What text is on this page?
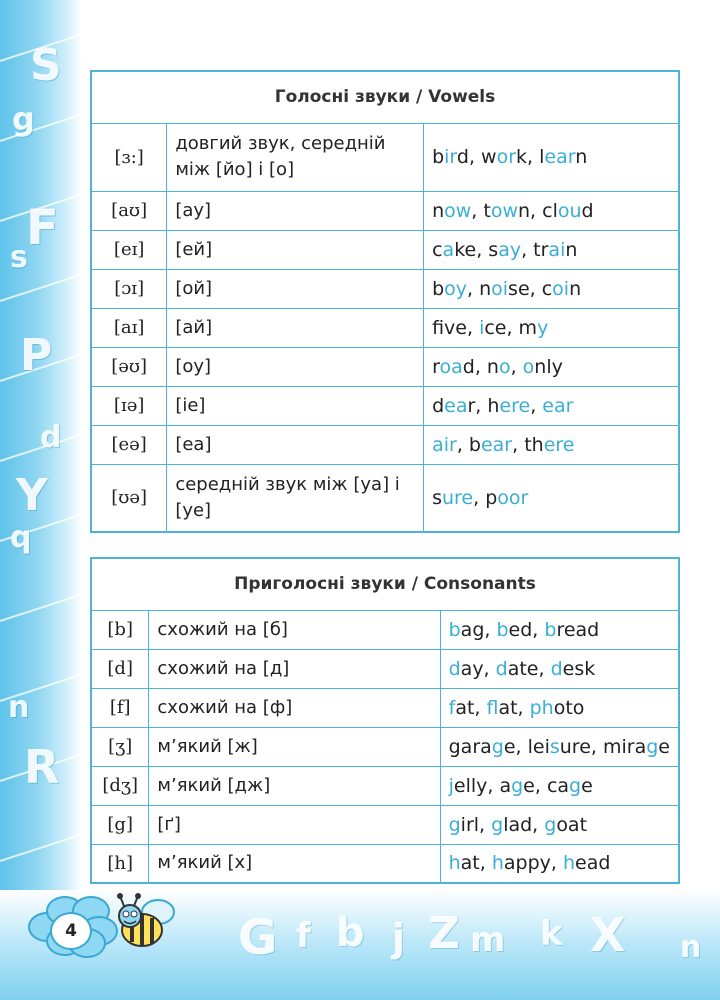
S
g
F
s
P
d
Y
q
n
R
G f b j Z m k X n
Голосні звуки / Vowels		
[ɜ:]	довгий звук, середній між [йо] і [о]	bird, work, learn
[aʊ]	[ау]	now, town, cloud
[eɪ]	[ей]	cake, say, train
[ɔɪ]	[ой]	boy, noise, coin
[aɪ]	[ай]	fve, ice, my
[əʊ]	[оу]	road, no, only
[ɪə]	[іе]	dear, here, ear
[eə]	[еа]	air, bear, there
[ʊə]	середній звук між [уа] і [уе]	sure, poor
Приголосні звуки / Consonants		
[b]	схожий на [б]	bag, bed, bread
[d]	схожий на [д]	day, date, desk
[f]	схожий на [ф]	fat, flat, photo
[ʒ]	м’який [ж]	garage, leisure, mirage
[dʒ]	м’який [дж]	jelly, age, cage
[g]	[ґ]	girl, glad, goat
[h]	м’який [х]	hat, happy, head
4
